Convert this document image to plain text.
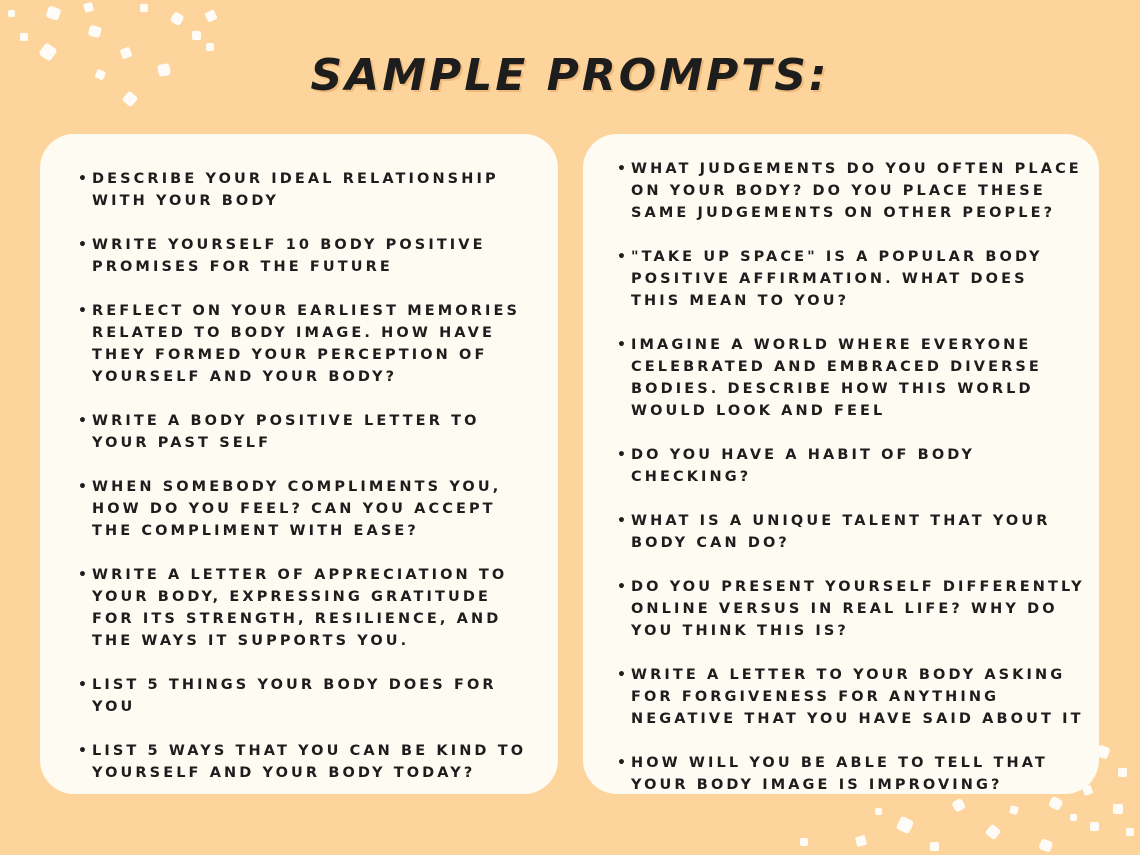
SAMPLE PROMPTS:
• DESCRIBE YOUR IDEAL RELATIONSHIP WITH YOUR BODY
• WRITE YOURSELF 10 BODY POSITIVE PROMISES FOR THE FUTURE
• REFLECT ON YOUR EARLIEST MEMORIES RELATED TO BODY IMAGE. HOW HAVE THEY FORMED YOUR PERCEPTION OF YOURSELF AND YOUR BODY?
• WRITE A BODY POSITIVE LETTER TO YOUR PAST SELF
• WHEN SOMEBODY COMPLIMENTS YOU, HOW DO YOU FEEL? CAN YOU ACCEPT THE COMPLIMENT WITH EASE?
• WRITE A LETTER OF APPRECIATION TO YOUR BODY, EXPRESSING GRATITUDE FOR ITS STRENGTH, RESILIENCE, AND THE WAYS IT SUPPORTS YOU.
• LIST 5 THINGS YOUR BODY DOES FOR YOU
• LIST 5 WAYS THAT YOU CAN BE KIND TO YOURSELF AND YOUR BODY TODAY?
• WHAT JUDGEMENTS DO YOU OFTEN PLACE ON YOUR BODY? DO YOU PLACE THESE SAME JUDGEMENTS ON OTHER PEOPLE?
• "TAKE UP SPACE" IS A POPULAR BODY POSITIVE AFFIRMATION. WHAT DOES THIS MEAN TO YOU?
• IMAGINE A WORLD WHERE EVERYONE CELEBRATED AND EMBRACED DIVERSE BODIES. DESCRIBE HOW THIS WORLD WOULD LOOK AND FEEL
• DO YOU HAVE A HABIT OF BODY CHECKING?
• WHAT IS A UNIQUE TALENT THAT YOUR BODY CAN DO?
• DO YOU PRESENT YOURSELF DIFFERENTLY ONLINE VERSUS IN REAL LIFE? WHY DO YOU THINK THIS IS?
• WRITE A LETTER TO YOUR BODY ASKING FOR FORGIVENESS FOR ANYTHING NEGATIVE THAT YOU HAVE SAID ABOUT IT
• HOW WILL YOU BE ABLE TO TELL THAT YOUR BODY IMAGE IS IMPROVING?
